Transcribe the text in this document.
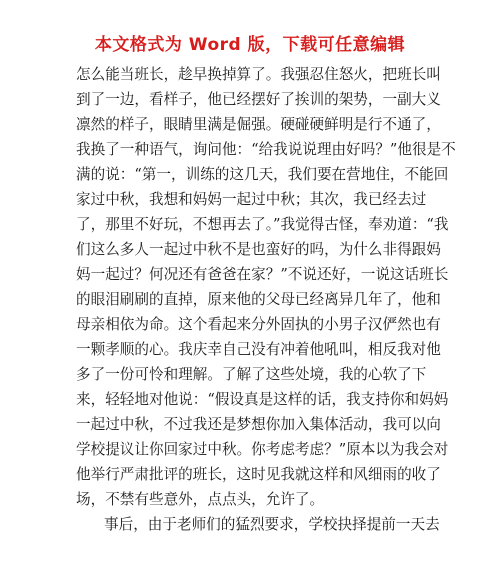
本文格式为 Word 版，下载可任意编辑
怎么能当班长，趁早换掉算了。我强忍住怒火，把班长叫
到了一边，看样子，他已经摆好了挨训的架势，一副大义
凛然的样子，眼睛里满是倔强。硬碰硬鲜明是行不通了，
我换了一种语气，询问他：“给我说说理由好吗？”他很是不
满的说：“第一，训练的这几天，我们要在营地住，不能回
家过中秋，我想和妈妈一起过中秋；其次，我已经去过
了，那里不好玩，不想再去了。”我觉得古怪，奉劝道：“我
们这么多人一起过中秋不是也蛮好的吗，为什么非得跟妈
妈一起过？何况还有爸爸在家？”不说还好，一说这话班长
的眼泪刷刷的直掉，原来他的父母已经离异几年了，他和
母亲相依为命。这个看起来分外固执的小男子汉俨然也有
一颗孝顺的心。我庆幸自己没有冲着他吼叫，相反我对他
多了一份可怜和理解。了解了这些处境，我的心软了下
来，轻轻地对他说：“假设真是这样的话，我支持你和妈妈
一起过中秋，不过我还是梦想你加入集体活动，我可以向
学校提议让你回家过中秋。你考虑考虑？”原本以为我会对
他举行严肃批评的班长，这时见我就这样和风细雨的收了
场，不禁有些意外，点点头，允许了。
事后，由于老师们的猛烈要求，学校抉择提前一天去
